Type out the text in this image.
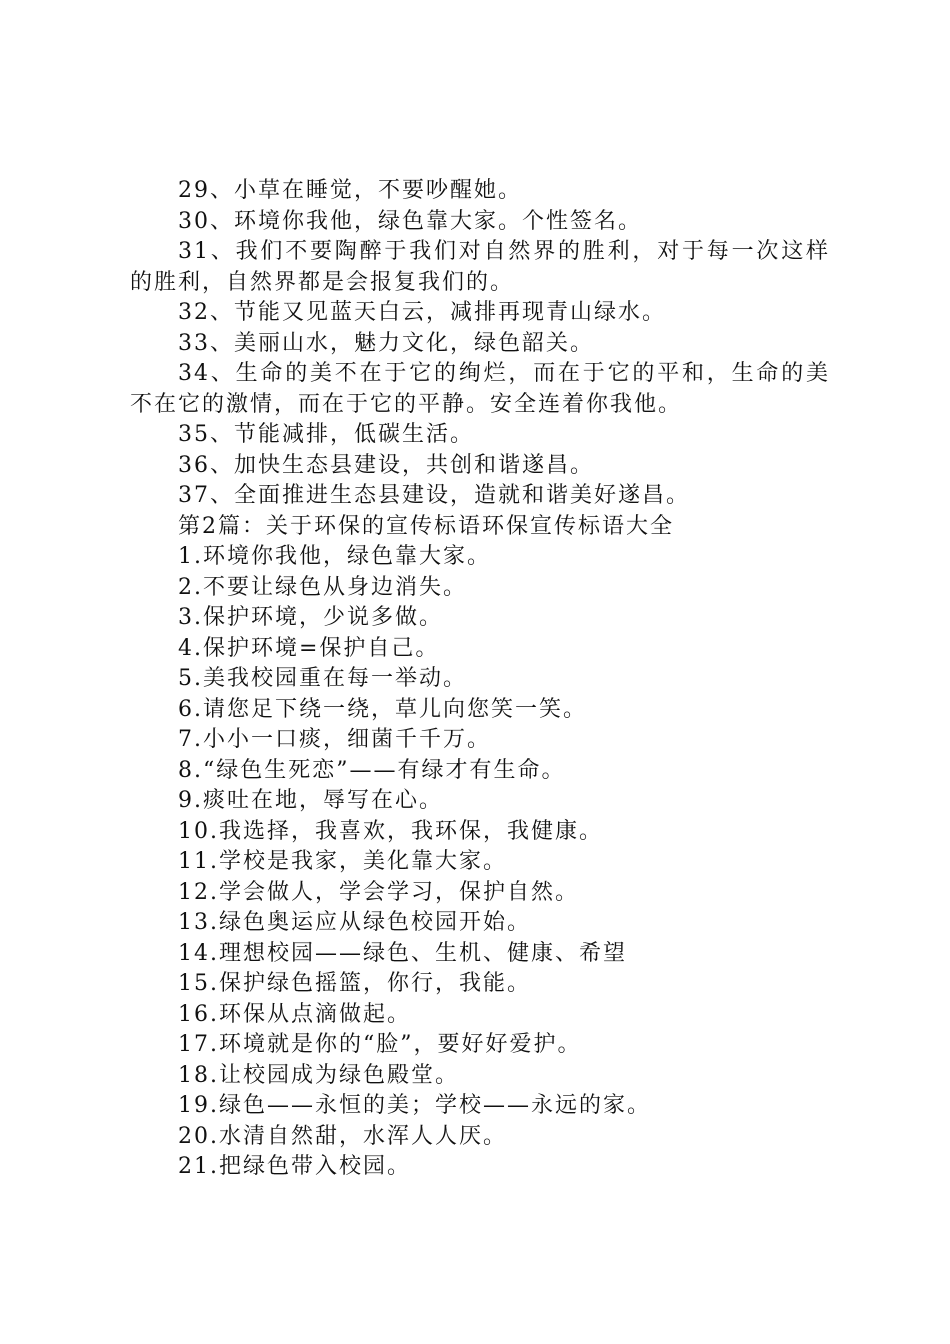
29、小草在睡觉，不要吵醒她。

30、环境你我他，绿色靠大家。个性签名。

31、我们不要陶醉于我们对自然界的胜利，对于每一次这样的胜利，自然界都是会报复我们的。

32、节能又见蓝天白云，减排再现青山绿水。

33、美丽山水，魅力文化，绿色韶关。

34、生命的美不在于它的绚烂，而在于它的平和，生命的美不在它的激情，而在于它的平静。安全连着你我他。

35、节能减排，低碳生活。

36、加快生态县建设，共创和谐遂昌。

37、全面推进生态县建设，造就和谐美好遂昌。

第2篇：关于环保的宣传标语环保宣传标语大全

1.环境你我他，绿色靠大家。

2.不要让绿色从身边消失。

3.保护环境，少说多做。

4.保护环境=保护自己。

5.美我校园重在每一举动。

6.请您足下绕一绕，草儿向您笑一笑。

7.小小一口痰，细菌千千万。

8.“绿色生死恋”——有绿才有生命。

9.痰吐在地，辱写在心。

10.我选择，我喜欢，我环保，我健康。

11.学校是我家，美化靠大家。

12.学会做人，学会学习，保护自然。

13.绿色奥运应从绿色校园开始。

14.理想校园——绿色、生机、健康、希望

15.保护绿色摇篮，你行，我能。

16.环保从点滴做起。

17.环境就是你的“脸”，要好好爱护。

18.让校园成为绿色殿堂。

19.绿色——永恒的美；学校——永远的家。

20.水清自然甜，水浑人人厌。

21.把绿色带入校园。
